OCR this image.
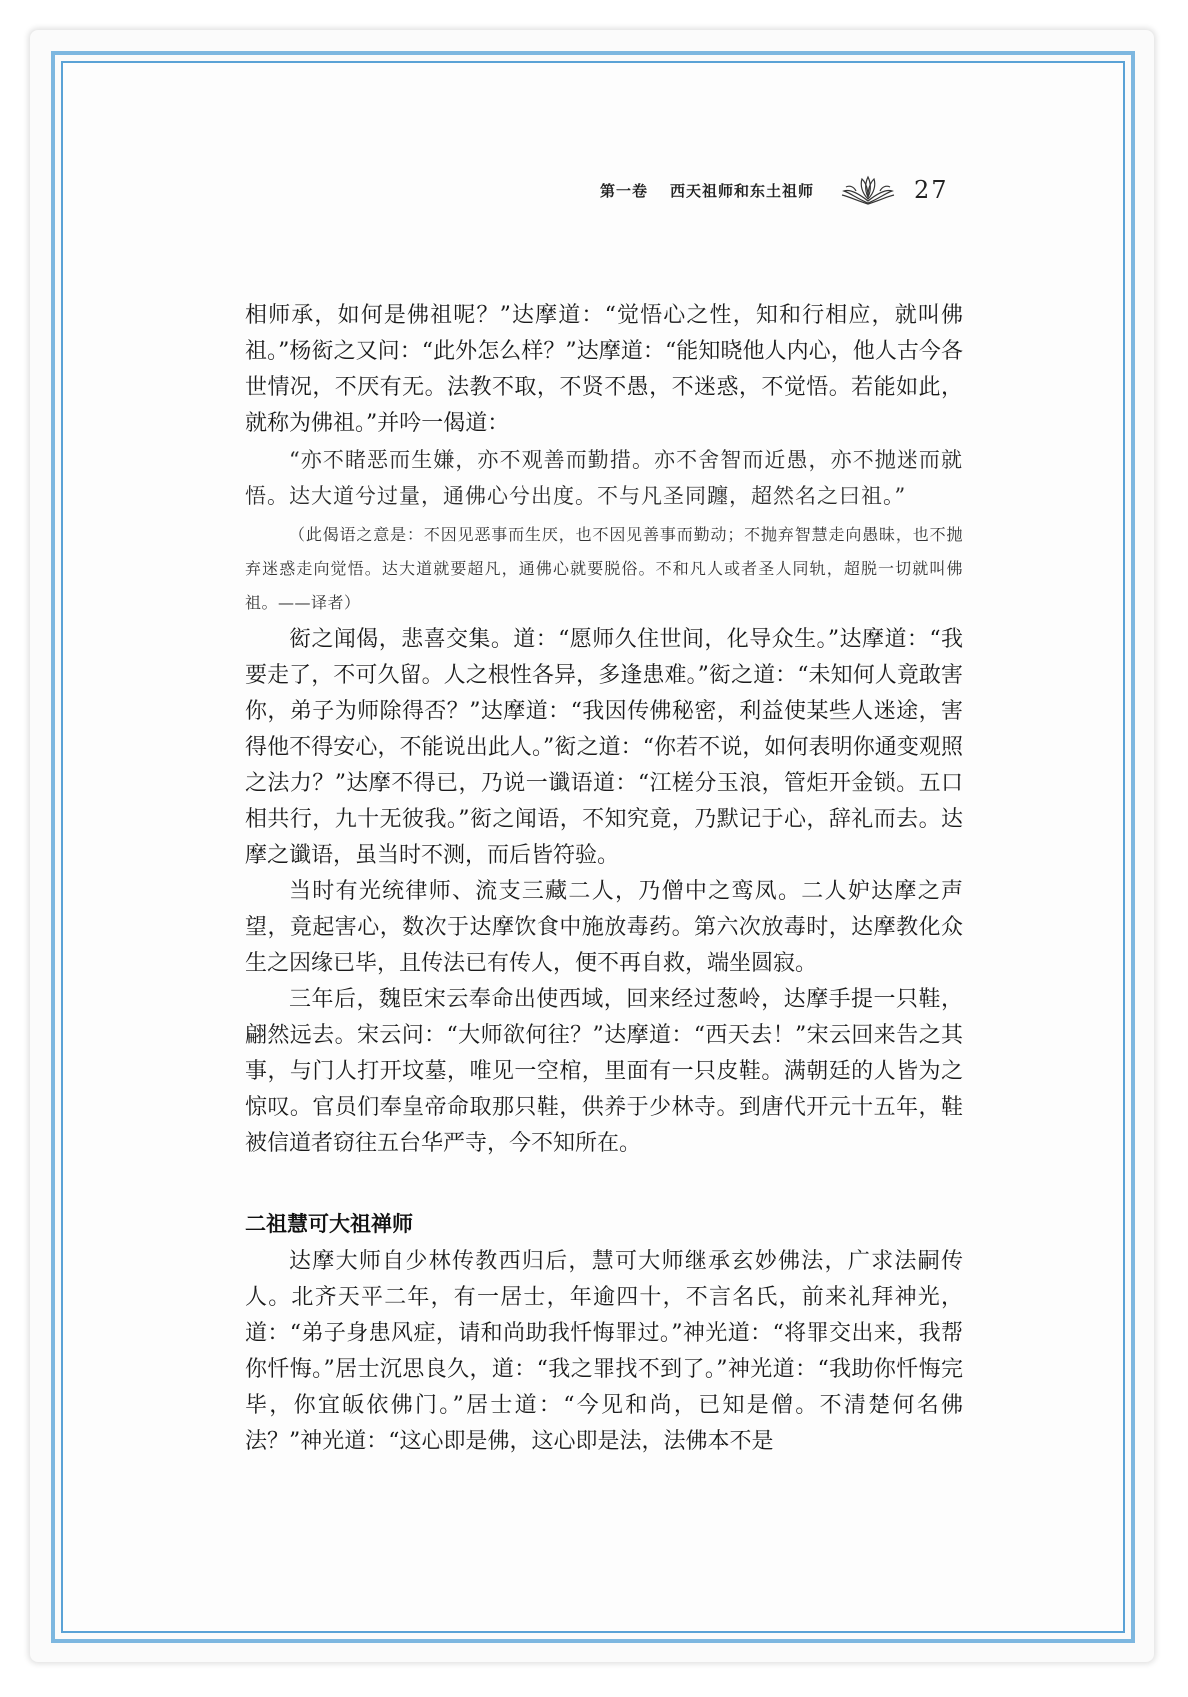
第一卷 西天祖师和东土祖师	27

相师承，如何是佛祖呢？”达摩道：“觉悟心之性，知和行相应，就叫佛祖。”杨衒之又问：“此外怎么样？”达摩道：“能知晓他人内心，他人古今各世情况，不厌有无。法教不取，不贤不愚，不迷惑，不觉悟。若能如此，就称为佛祖。”并吟一偈道：

“亦不睹恶而生嫌，亦不观善而勤措。亦不舍智而近愚，亦不抛迷而就悟。达大道兮过量，通佛心兮出度。不与凡圣同躔，超然名之曰祖。”

（此偈语之意是：不因见恶事而生厌，也不因见善事而勤动；不抛弃智慧走向愚昧，也不抛弃迷惑走向觉悟。达大道就要超凡，通佛心就要脱俗。不和凡人或者圣人同轨，超脱一切就叫佛祖。——译者）

衒之闻偈，悲喜交集。道：“愿师久住世间，化导众生。”达摩道：“我要走了，不可久留。人之根性各异，多逢患难。”衒之道：“未知何人竟敢害你，弟子为师除得否？”达摩道：“我因传佛秘密，利益使某些人迷途，害得他不得安心，不能说出此人。”衒之道：“你若不说，如何表明你通变观照之法力？”达摩不得已，乃说一谶语道：“江槎分玉浪，管炬开金锁。五口相共行，九十无彼我。”衒之闻语，不知究竟，乃默记于心，辞礼而去。达摩之谶语，虽当时不测，而后皆符验。

当时有光统律师、流支三藏二人，乃僧中之鸾凤。二人妒达摩之声望，竟起害心，数次于达摩饮食中施放毒药。第六次放毒时，达摩教化众生之因缘已毕，且传法已有传人，便不再自救，端坐圆寂。

三年后，魏臣宋云奉命出使西域，回来经过葱岭，达摩手提一只鞋，翩然远去。宋云问：“大师欲何往？”达摩道：“西天去！”宋云回来告之其事，与门人打开坟墓，唯见一空棺，里面有一只皮鞋。满朝廷的人皆为之惊叹。官员们奉皇帝命取那只鞋，供养于少林寺。到唐代开元十五年，鞋被信道者窃往五台华严寺，今不知所在。

二祖慧可大祖禅师

达摩大师自少林传教西归后，慧可大师继承玄妙佛法，广求法嗣传人。北齐天平二年，有一居士，年逾四十，不言名氏，前来礼拜神光，道：“弟子身患风症，请和尚助我忏悔罪过。”神光道：“将罪交出来，我帮你忏悔。”居士沉思良久，道：“我之罪找不到了。”神光道：“我助你忏悔完毕，你宜皈依佛门。”居士道：“今见和尚，已知是僧。不清楚何名佛法？”神光道：“这心即是佛，这心即是法，法佛本不是
